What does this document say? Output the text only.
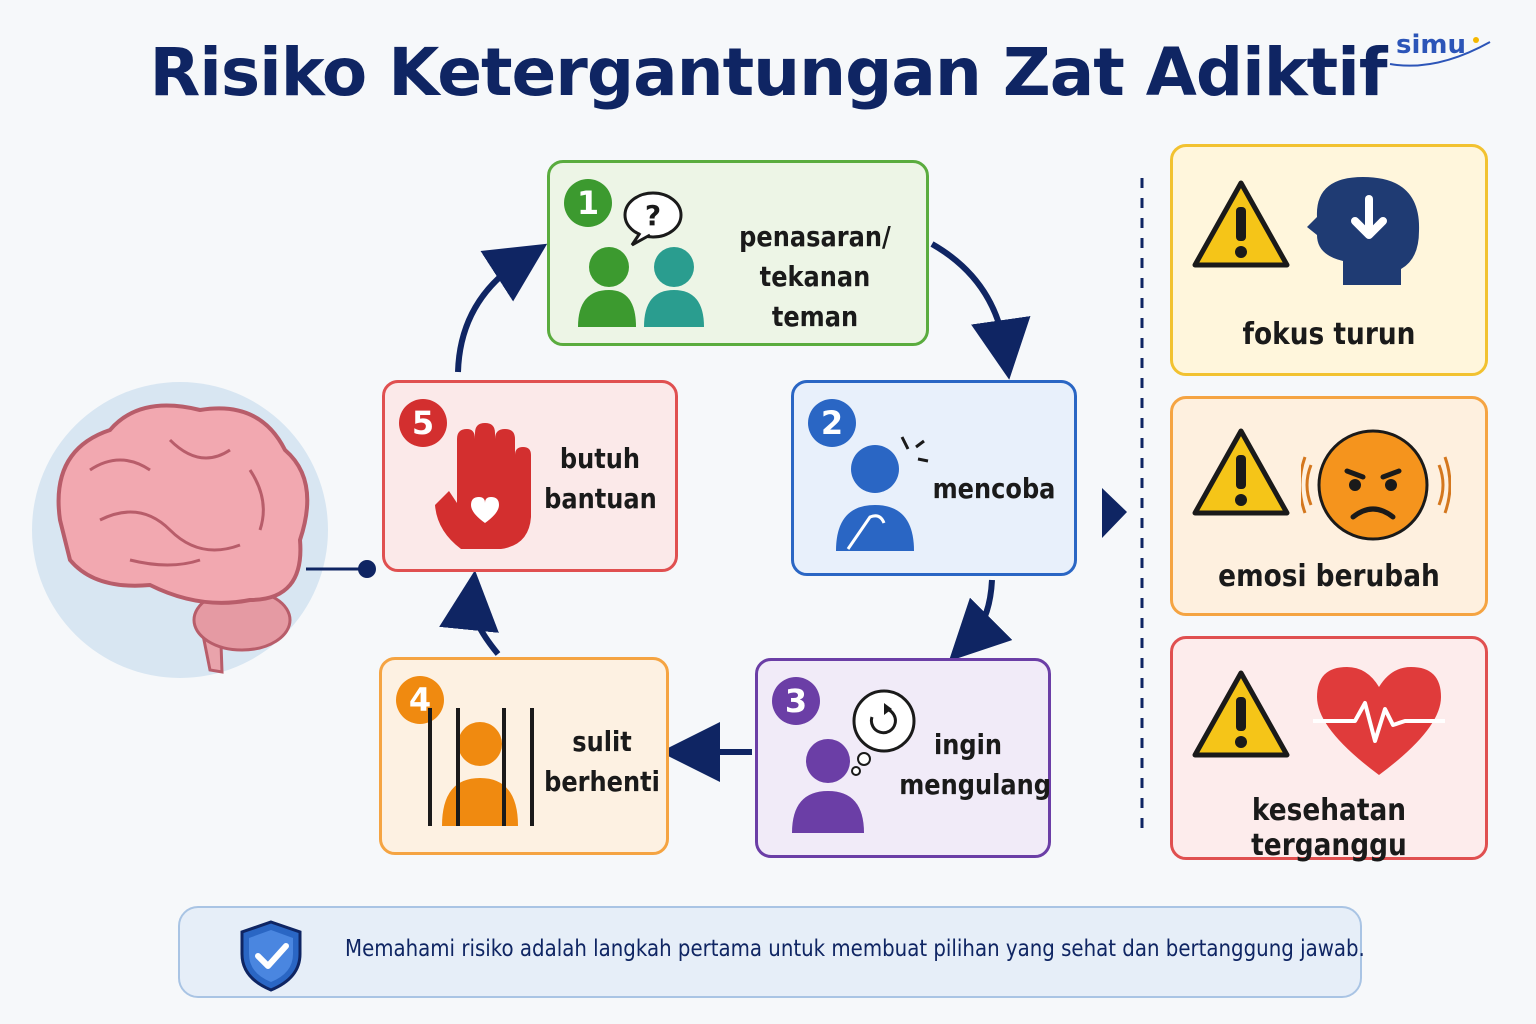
Risiko Ketergantungan Zat Adiktif simu
1	?
penasaran/
tekanan teman
2
mencoba
3
ingin
mengulang
4
sulit
berhenti
5
butuh
bantuan
fokus turun
emosi berubah
kesehatan terganggu
Memahami risiko adalah langkah pertama untuk membuat pilihan yang sehat dan bertanggung jawab.
